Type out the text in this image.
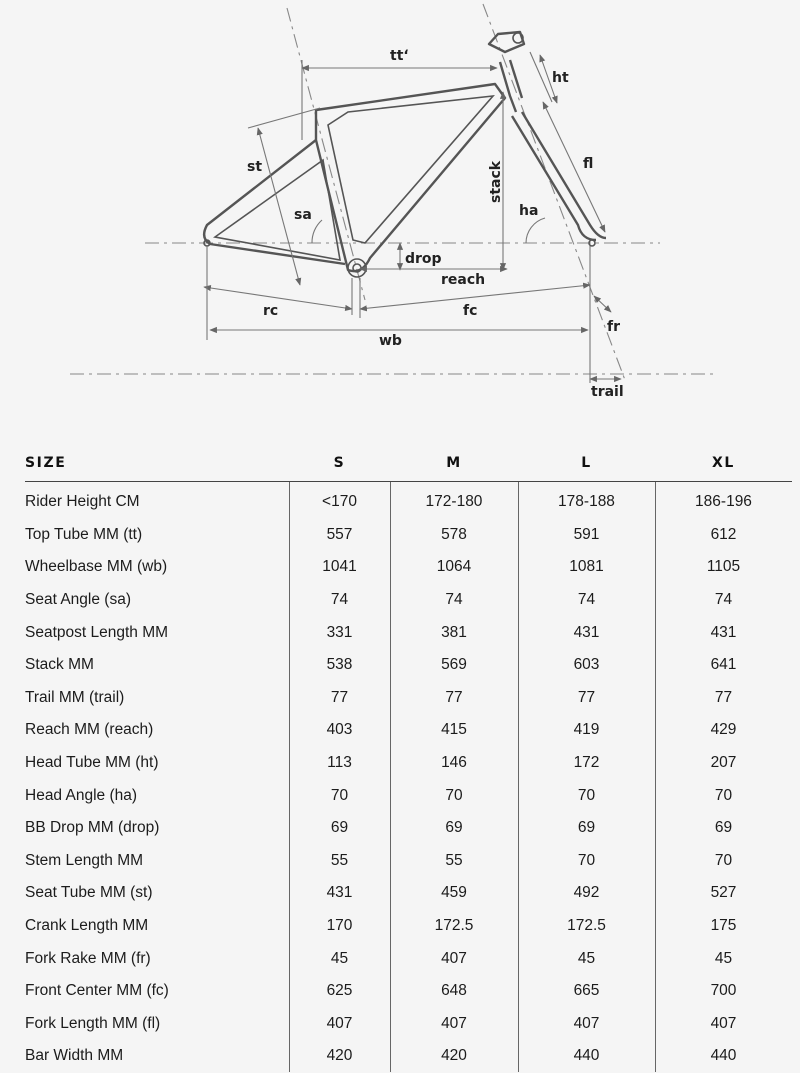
tt‘
ht
st	fl
sa	ha
stack
drop
reach
rc	fc
wb
fr
trail
SIZE	S	M	L	XL
Rider Height CM	<170	172-180	178-188	186-196
Top Tube MM (tt)	557	578	591	612
Wheelbase MM (wb)	1041	1064	1081	1105
Seat Angle (sa)	74	74	74	74
Seatpost Length MM	331	381	431	431
Stack MM	538	569	603	641
Trail MM (trail)	77	77	77	77
Reach MM (reach)	403	415	419	429
Head Tube MM (ht)	113	146	172	207
Head Angle (ha)	70	70	70	70
BB Drop MM (drop)	69	69	69	69
Stem Length MM	55	55	70	70
Seat Tube MM (st)	431	459	492	527
Crank Length MM	170	172.5	172.5	175
Fork Rake MM (fr)	45	407	45	45
Front Center MM (fc)	625	648	665	700
Fork Length MM (fl)	407	407	407	407
Bar Width MM	420	420	440	440
